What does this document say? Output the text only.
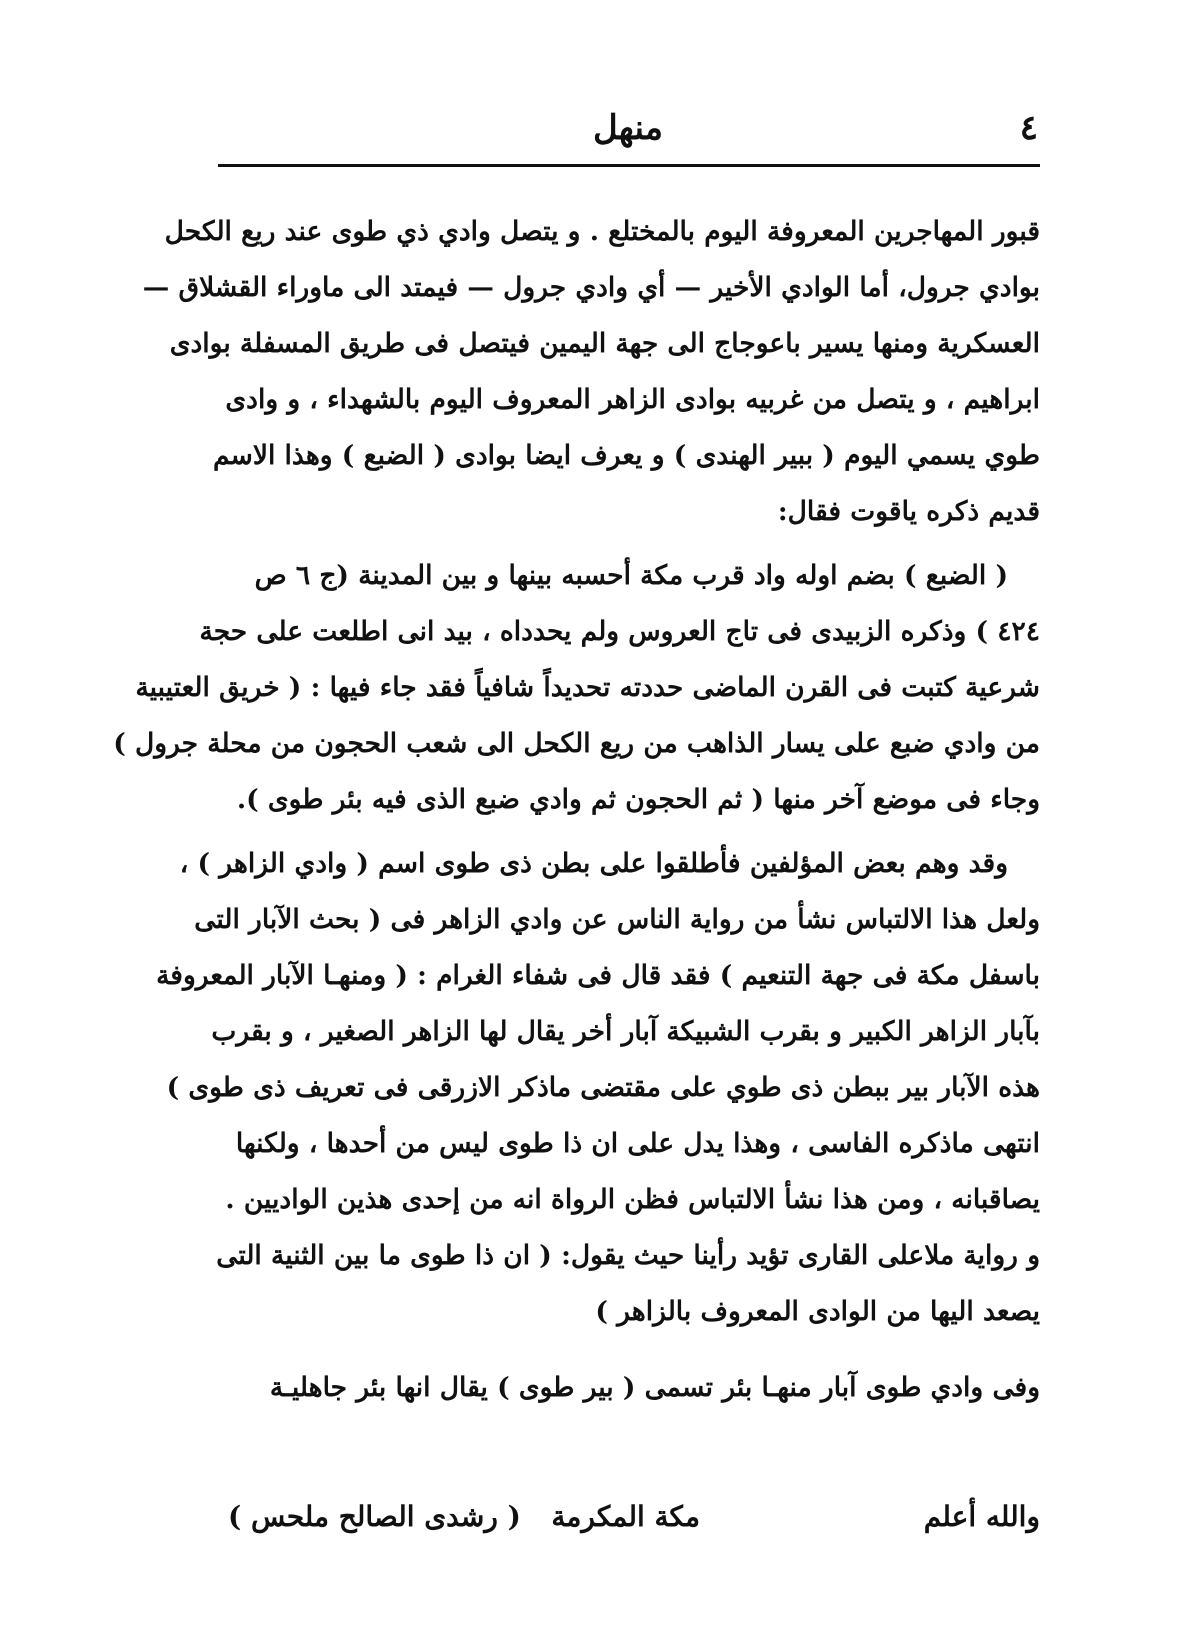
٤
منهل
قبور المهاجرين المعروفة اليوم بالمختلع . و يتصل وادي ذي طوى عند ريع الكحل
بوادي جرول، أما الوادي الأخير — أي وادي جرول — فيمتد الى ماوراء القشلاق —
العسكرية ومنها يسير باعوجاج الى جهة اليمين فيتصل فى طريق المسفلة بوادى
ابراهيم ، و يتصل من غربيه بوادى الزاهر المعروف اليوم بالشهداء ، و وادى
طوي يسمي اليوم ( ببير الهندى ) و يعرف ايضا بوادى ( الضبع ) وهذا الاسم
قديم ذكره ياقوت فقال:
( الضبع ) بضم اوله واد قرب مكة أحسبه بينها و بين المدينة (ج ٦ ص
٤٢٤ ) وذكره الزبيدى فى تاج العروس ولم يحدداه ، بيد انى اطلعت على حجة
شرعية كتبت فى القرن الماضى حددته تحديداً شافياً فقد جاء فيها : ( خريق العتيبية
من وادي ضبع على يسار الذاهب من ريع الكحل الى شعب الحجون من محلة جرول )
وجاء فى موضع آخر منها ( ثم الحجون ثم وادي ضبع الذى فيه بئر طوى ).
وقد وهم بعض المؤلفين فأطلقوا على بطن ذى طوى اسم ( وادي الزاهر ) ،
ولعل هذا الالتباس نشأ من رواية الناس عن وادي الزاهر فى ( بحث الآبار التى
باسفل مكة فى جهة التنعيم ) فقد قال فى شفاء الغرام : ( ومنهـا الآبار المعروفة
بآبار الزاهر الكبير و بقرب الشبيكة آبار أخر يقال لها الزاهر الصغير ، و بقرب
هذه الآبار بير ببطن ذى طوي على مقتضى ماذكر الازرقى فى تعريف ذى طوى )
انتهى ماذكره الفاسى ، وهذا يدل على ان ذا طوى ليس من أحدها ، ولكنها
يصاقبانه ، ومن هذا نشأ الالتباس فظن الرواة انه من إحدى هذين الواديين .
و رواية ملاعلى القارى تؤيد رأينا حيث يقول: ( ان ذا طوى ما بين الثنية التى
يصعد اليها من الوادى المعروف بالزاهر )
وفى وادي طوى آبار منهـا بئر تسمى ( بير طوى ) يقال انها بئر جاهليـة
والله أعلم
مكة المكرمة
( رشدى الصالح ملحس )
